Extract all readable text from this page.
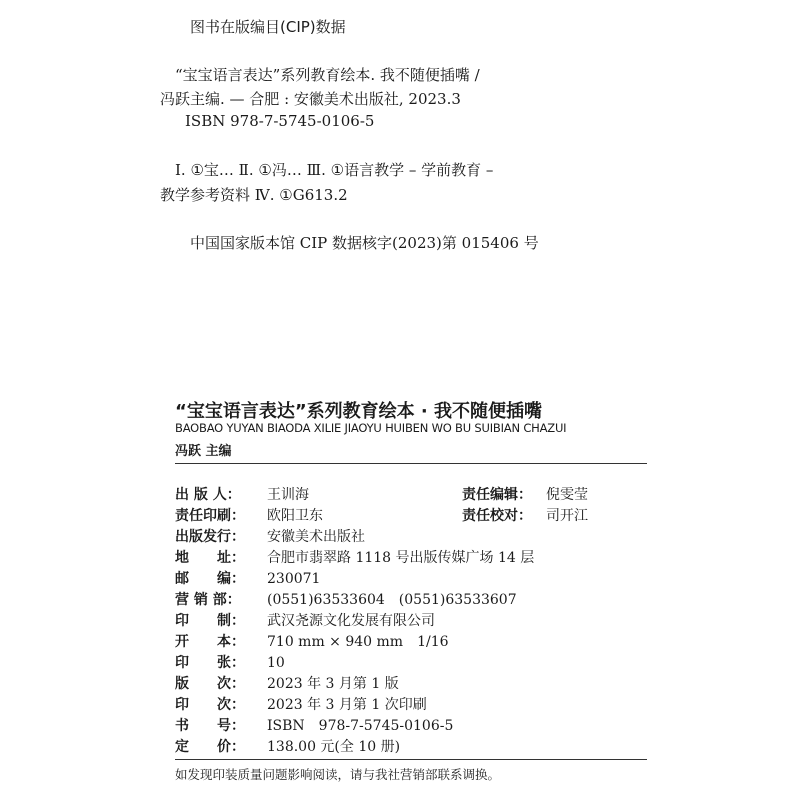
图书在版编目(CIP)数据
“宝宝语言表达”系列教育绘本. 我不随便插嘴 /
冯跃主编. — 合肥 : 安徽美术出版社, 2023.3
ISBN 978-7-5745-0106-5
Ⅰ. ①宝… Ⅱ. ①冯… Ⅲ. ①语言教学 – 学前教育 –
教学参考资料 Ⅳ. ①G613.2
中国国家版本馆 CIP 数据核字(2023)第 015406 号
“宝宝语言表达”系列教育绘本 · 我不随便插嘴
BAOBAO YUYAN BIAODA XILIE JIAOYU HUIBEN WO BU SUIBIAN CHAZUI
冯跃 主编
出 版 人： 王训海
责任印刷： 欧阳卫东
出版发行： 安徽美术出版社
地　　址： 合肥市翡翠路 1118 号出版传媒广场 14 层
邮　　编： 230071
营 销 部： (0551)63533604　(0551)63533607
印　　制： 武汉尧源文化发展有限公司
开　　本： 710 mm × 940 mm　1/16
印　　张： 10
版　　次： 2023 年 3 月第 1 版
印　　次： 2023 年 3 月第 1 次印刷
书　　号： ISBN　978-7-5745-0106-5
定　　价： 138.00 元(全 10 册)
责任编辑： 倪雯莹
责任校对： 司开江
如发现印装质量问题影响阅读，请与我社营销部联系调换。
